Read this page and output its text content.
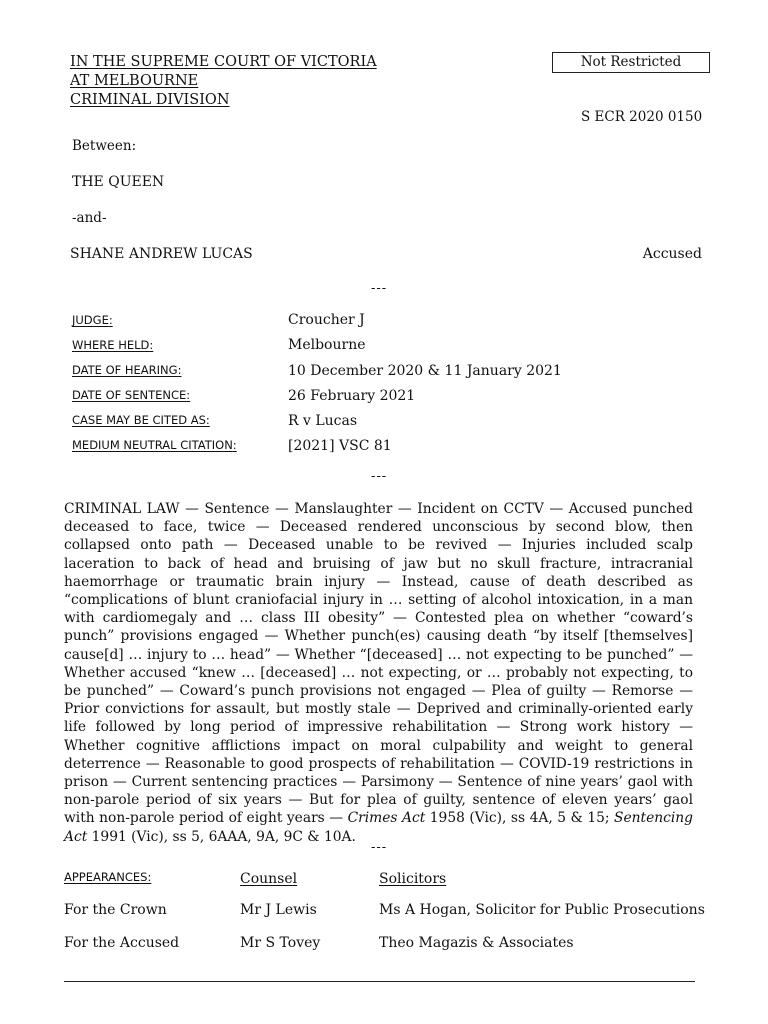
IN THE SUPREME COURT OF VICTORIA
AT MELBOURNE
CRIMINAL DIVISION
Not Restricted
S ECR 2020 0150
Between:
THE QUEEN
-and-
SHANE ANDREW LUCAS	Accused
---
JUDGE:	Croucher J
WHERE HELD:	Melbourne
DATE OF HEARING:	10 December 2020 & 11 January 2021
DATE OF SENTENCE:	26 February 2021
CASE MAY BE CITED AS:	R v Lucas
MEDIUM NEUTRAL CITATION:	[2021] VSC 81
---
CRIMINAL LAW — Sentence — Manslaughter — Incident on CCTV — Accused punched deceased to face, twice — Deceased rendered unconscious by second blow, then collapsed onto path — Deceased unable to be revived — Injuries included scalp laceration to back of head and bruising of jaw but no skull fracture, intracranial haemorrhage or traumatic brain injury — Instead, cause of death described as “complications of blunt craniofacial injury in … setting of alcohol intoxication, in a man with cardiomegaly and … class III obesity” — Contested plea on whether “coward’s punch” provisions engaged — Whether punch(es) causing death “by itself [themselves] cause[d] … injury to … head” — Whether “[deceased] … not expecting to be punched” — Whether accused “knew … [deceased] … not expecting, or … probably not expecting, to be punched” — Coward’s punch provisions not engaged — Plea of guilty — Remorse — Prior convictions for assault, but mostly stale — Deprived and criminally-oriented early life followed by long period of impressive rehabilitation — Strong work history — Whether cognitive afflictions impact on moral culpability and weight to general deterrence — Reasonable to good prospects of rehabilitation — COVID-19 restrictions in prison — Current sentencing practices — Parsimony — Sentence of nine years’ gaol with non-parole period of six years — But for plea of guilty, sentence of eleven years’ gaol with non-parole period of eight years — Crimes Act 1958 (Vic), ss 4A, 5 & 15; Sentencing Act 1991 (Vic), ss 5, 6AAA, 9A, 9C & 10A.
---
APPEARANCES:	Counsel	Solicitors
For the Crown	Mr J Lewis	Ms A Hogan, Solicitor for Public Prosecutions
For the Accused	Mr S Tovey	Theo Magazis & Associates
